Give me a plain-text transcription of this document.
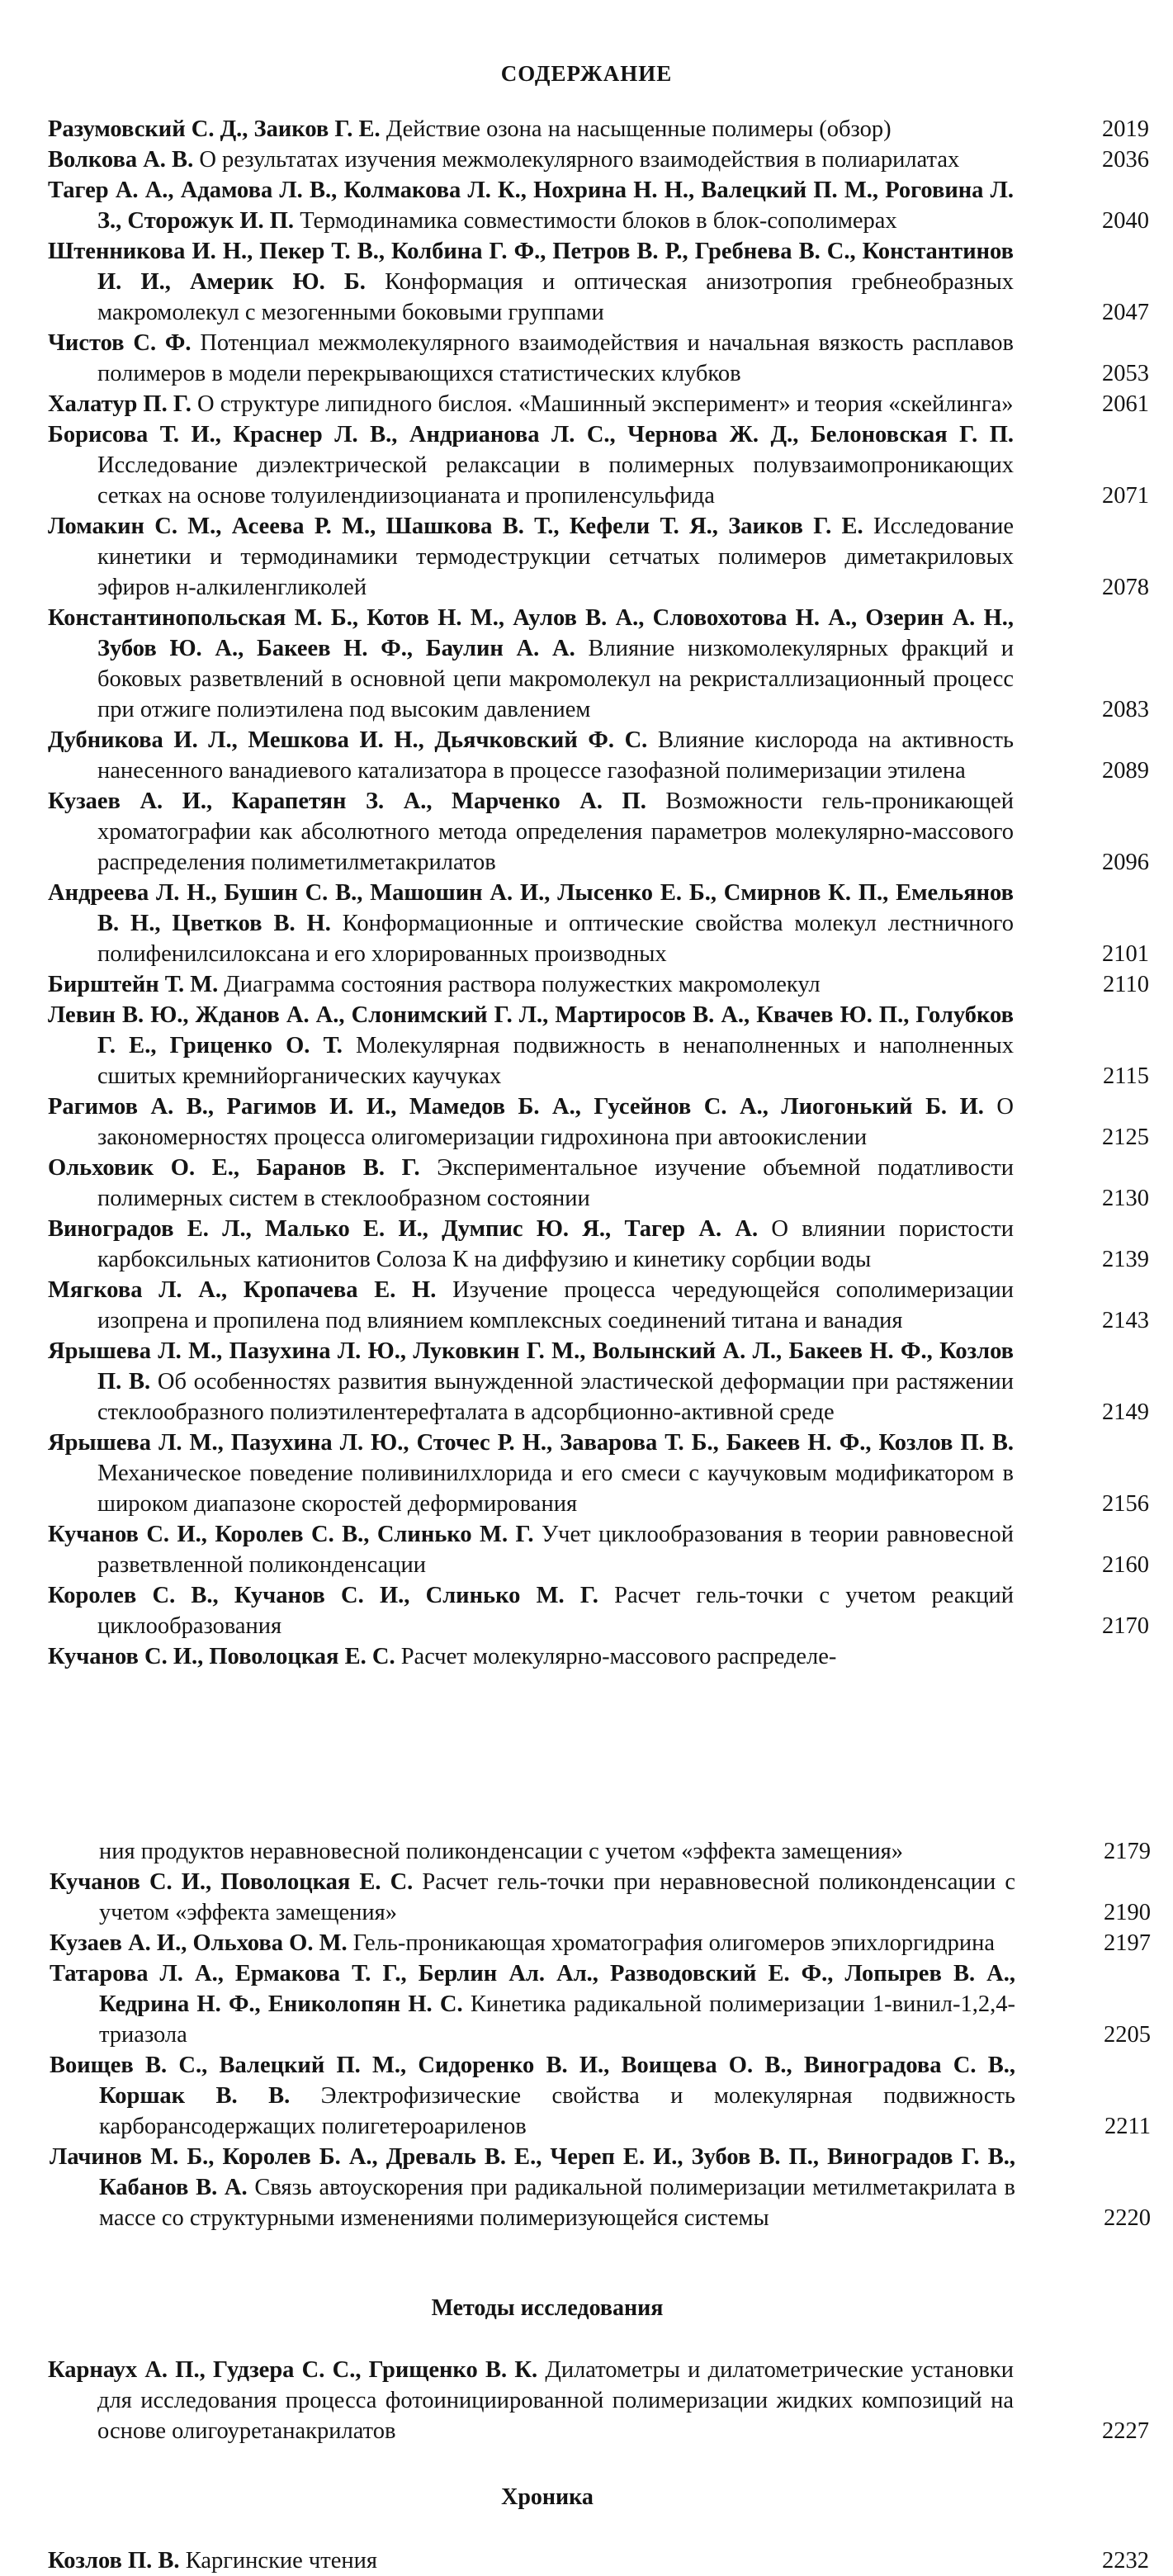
СОДЕРЖАНИЕ
Разумовский С. Д., Заиков Г. Е. Действие озона на насыщенные полимеры (обзор)	2019
Волкова А. В. О результатах изучения межмолекулярного взаимодействия в полиарилатах	2036
Тагер А. А., Адамова Л. В., Колмакова Л. К., Нохрина Н. Н., Валецкий П. М., Роговина Л. З., Сторожук И. П. Термодинамика совместимости блоков в блок-сополимерах	2040
Штенникова И. Н., Пекер Т. В., Колбина Г. Ф., Петров В. Р., Гребнева В. С., Константинов И. И., Америк Ю. Б. Конформация и оптическая анизотропия гребнеобразных макромолекул с мезогенными боковыми группами	2047
Чистов С. Ф. Потенциал межмолекулярного взаимодействия и начальная вязкость расплавов полимеров в модели перекрывающихся статистических клубков	2053
Халатур П. Г. О структуре липидного бислоя. «Машинный эксперимент» и теория «скейлинга»	2061
Борисова Т. И., Краснер Л. В., Андрианова Л. С., Чернова Ж. Д., Белоновская Г. П. Исследование диэлектрической релаксации в полимерных полувзаимопроникающих сетках на основе толуилендиизоцианата и пропиленсульфида	2071
Ломакин С. М., Асеева Р. М., Шашкова В. Т., Кефели Т. Я., Заиков Г. Е. Исследование кинетики и термодинамики термодеструкции сетчатых полимеров диметакриловых эфиров н-алкиленгликолей	2078
Константинопольская М. Б., Котов Н. М., Аулов В. А., Словохотова Н. А., Озерин А. Н., Зубов Ю. А., Бакеев Н. Ф., Баулин А. А. Влияние низкомолекулярных фракций и боковых разветвлений в основной цепи макромолекул на рекристаллизационный процесс при отжиге полиэтилена под высоким давлением	2083
Дубникова И. Л., Мешкова И. Н., Дьячковский Ф. С. Влияние кислорода на активность нанесенного ванадиевого катализатора в процессе газофазной полимеризации этилена	2089
Кузаев А. И., Карапетян З. А., Марченко А. П. Возможности гель-проникающей хроматографии как абсолютного метода определения параметров молекулярно-массового распределения полиметилметакрилатов	2096
Андреева Л. Н., Бушин С. В., Машошин А. И., Лысенко Е. Б., Смирнов К. П., Емельянов В. Н., Цветков В. Н. Конформационные и оптические свойства молекул лестничного полифенилсилоксана и его хлорированных производных	2101
Бирштейн Т. М. Диаграмма состояния раствора полужестких макромолекул	2110
Левин В. Ю., Жданов А. А., Слонимский Г. Л., Мартиросов В. А., Квачев Ю. П., Голубков Г. Е., Гриценко О. Т. Молекулярная подвижность в ненаполненных и наполненных сшитых кремнийорганических каучуках	2115
Рагимов А. В., Рагимов И. И., Мамедов Б. А., Гусейнов С. А., Лиогонький Б. И. О закономерностях процесса олигомеризации гидрохинона при автоокислении	2125
Ольховик О. Е., Баранов В. Г. Экспериментальное изучение объемной податливости полимерных систем в стеклообразном состоянии	2130
Виноградов Е. Л., Малько Е. И., Думпис Ю. Я., Тагер А. А. О влиянии пористости карбоксильных катионитов Солоза К на диффузию и кинетику сорбции воды	2139
Мягкова Л. А., Кропачева Е. Н. Изучение процесса чередующейся сополимеризации изопрена и пропилена под влиянием комплексных соединений титана и ванадия	2143
Ярышева Л. М., Пазухина Л. Ю., Луковкин Г. М., Волынский А. Л., Бакеев Н. Ф., Козлов П. В. Об особенностях развития вынужденной эластической деформации при растяжении стеклообразного полиэтилентерефталата в адсорбционно-активной среде	2149
Ярышева Л. М., Пазухина Л. Ю., Сточес Р. Н., Заварова Т. Б., Бакеев Н. Ф., Козлов П. В. Механическое поведение поливинилхлорида и его смеси с каучуковым модификатором в широком диапазоне скоростей деформирования	2156
Кучанов С. И., Королев С. В., Слинько М. Г. Учет циклообразования в теории равновесной разветвленной поликонденсации	2160
Королев С. В., Кучанов С. И., Слинько М. Г. Расчет гель-точки с учетом реакций циклообразования	2170
Кучанов С. И., Поволоцкая Е. С. Расчет молекулярно-массового распределе-
ния продуктов неравновесной поликонденсации с учетом «эффекта замещения»	2179
Кучанов С. И., Поволоцкая Е. С. Расчет гель-точки при неравновесной поликонденсации с учетом «эффекта замещения»	2190
Кузаев А. И., Ольхова О. М. Гель-проникающая хроматография олигомеров эпихлоргидрина	2197
Татарова Л. А., Ермакова Т. Г., Берлин Ал. Ал., Разводовский Е. Ф., Лопырев В. А., Кедрина Н. Ф., Ениколопян Н. С. Кинетика радикальной полимеризации 1-винил-1,2,4-триазола	2205
Воищев В. С., Валецкий П. М., Сидоренко В. И., Воищева О. В., Виноградова С. В., Коршак В. В. Электрофизические свойства и молекулярная подвижность карборансодержащих полигетероариленов	2211
Лачинов М. Б., Королев Б. А., Древаль В. Е., Череп Е. И., Зубов В. П., Виноградов Г. В., Кабанов В. А. Связь автоускорения при радикальной полимеризации метилметакрилата в массе со структурными изменениями полимеризующейся системы	2220
Методы исследования
Карнаух А. П., Гудзера С. С., Грищенко В. К. Дилатометры и дилатометрические установки для исследования процесса фотоинициированной полимеризации жидких композиций на основе олигоуретанакрилатов	2227
Хроника
Козлов П. В. Каргинские чтения	2232
